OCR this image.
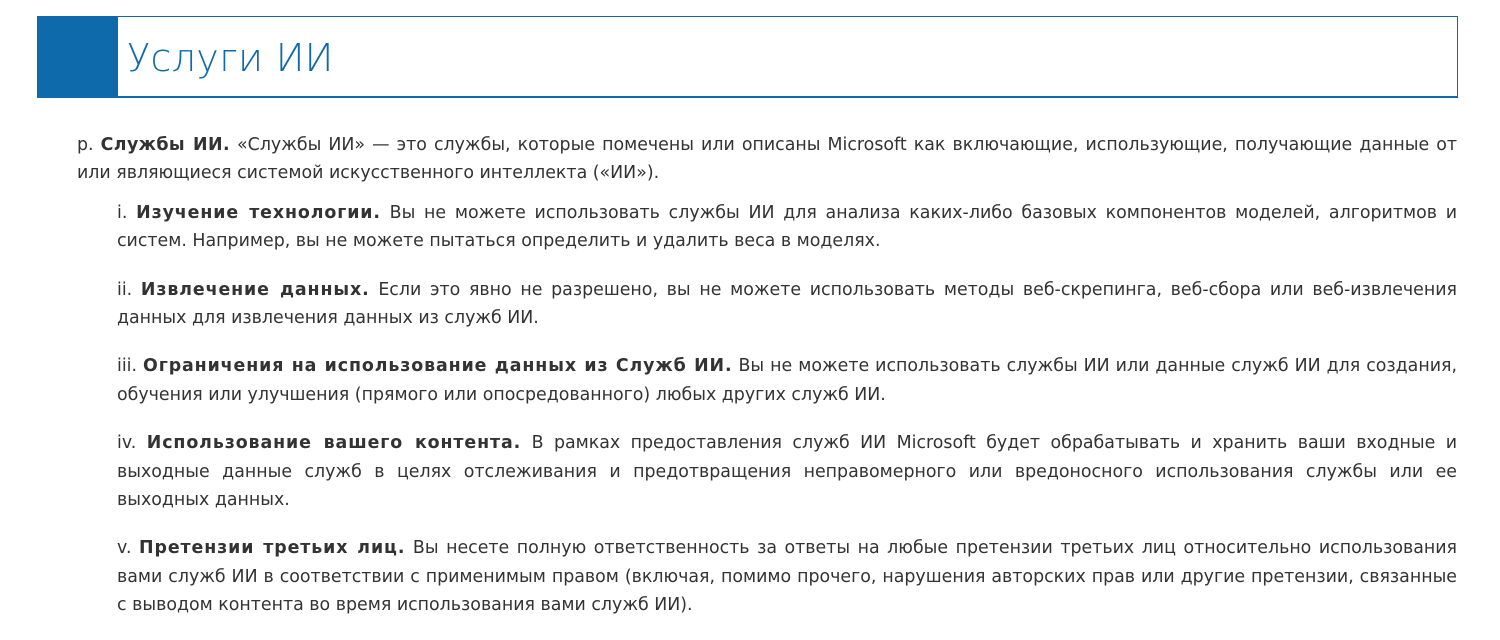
Услуги ИИ

p. Службы ИИ. «Службы ИИ» — это службы, которые помечены или описаны Microsoft как включающие, использующие, получающие данные от или являющиеся системой искусственного интеллекта («ИИ»).

i. Изучение технологии. Вы не можете использовать службы ИИ для анализа каких-либо базовых компонентов моделей, алгоритмов и систем. Например, вы не можете пытаться определить и удалить веса в моделях.

ii. Извлечение данных. Если это явно не разрешено, вы не можете использовать методы веб-скрепинга, веб-сбора или веб-извлечения данных для извлечения данных из служб ИИ.

iii. Ограничения на использование данных из Служб ИИ. Вы не можете использовать службы ИИ или данные служб ИИ для создания, обучения или улучшения (прямого или опосредованного) любых других служб ИИ.

iv. Использование вашего контента. В рамках предоставления служб ИИ Microsoft будет обрабатывать и хранить ваши входные и выходные данные служб в целях отслеживания и предотвращения неправомерного или вредоносного использования службы или ее выходных данных.

v. Претензии третьих лиц. Вы несете полную ответственность за ответы на любые претензии третьих лиц относительно использования вами служб ИИ в соответствии с применимым правом (включая, помимо прочего, нарушения авторских прав или другие претензии, связанные с выводом контента во время использования вами служб ИИ).
